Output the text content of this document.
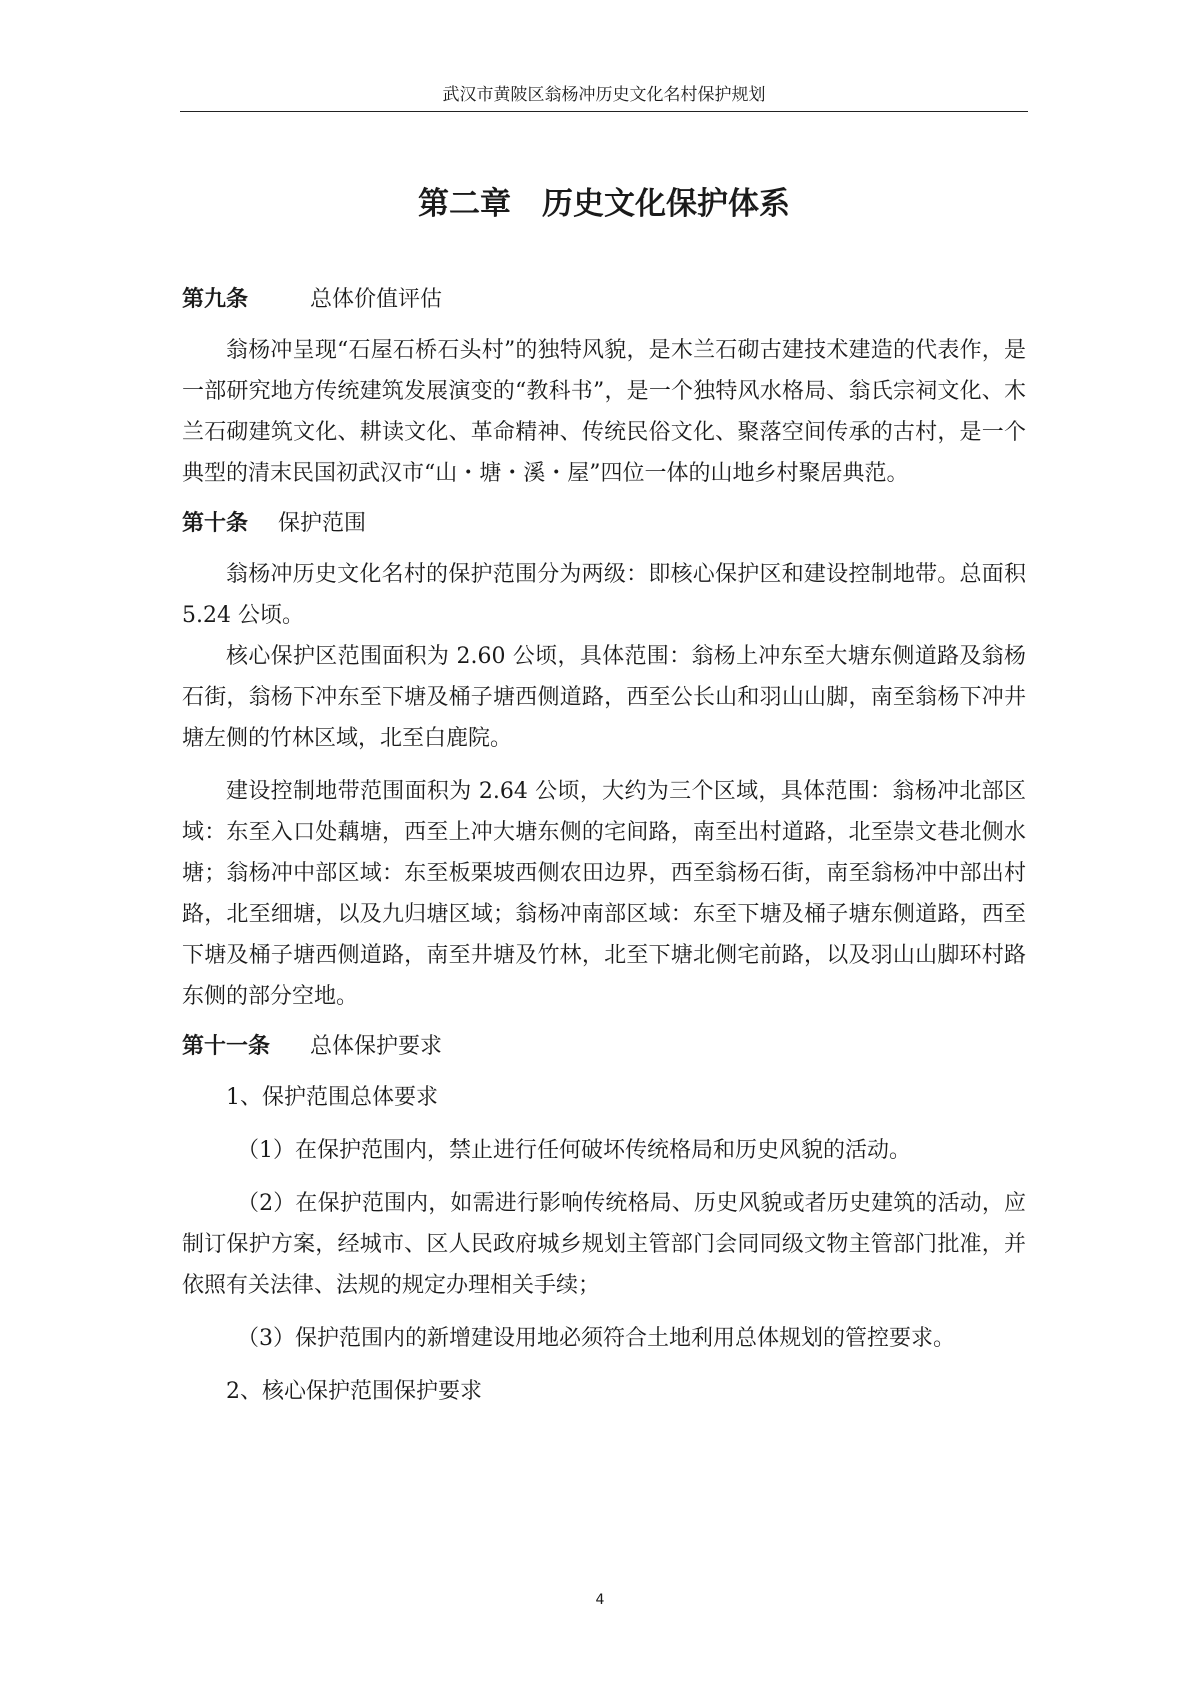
武汉市黄陂区翁杨冲历史文化名村保护规划
第二章　历史文化保护体系
第九条	总体价值评估

翁杨冲呈现“石屋石桥石头村”的独特风貌，是木兰石砌古建技术建造的代表作，是一部研究地方传统建筑发展演变的“教科书”，是一个独特风水格局、翁氏宗祠文化、木兰石砌建筑文化、耕读文化、革命精神、传统民俗文化、聚落空间传承的古村，是一个典型的清末民国初武汉市“山・塘・溪・屋”四位一体的山地乡村聚居典范。

第十条 保护范围

翁杨冲历史文化名村的保护范围分为两级：即核心保护区和建设控制地带。总面积 5.24 公顷。

核心保护区范围面积为 2.60 公顷，具体范围：翁杨上冲东至大塘东侧道路及翁杨石街，翁杨下冲东至下塘及桶子塘西侧道路，西至公长山和羽山山脚，南至翁杨下冲井塘左侧的竹林区域，北至白鹿院。

建设控制地带范围面积为 2.64 公顷，大约为三个区域，具体范围：翁杨冲北部区域：东至入口处藕塘，西至上冲大塘东侧的宅间路，南至出村道路，北至崇文巷北侧水塘；翁杨冲中部区域：东至板栗坡西侧农田边界，西至翁杨石街，南至翁杨冲中部出村路，北至细塘，以及九归塘区域；翁杨冲南部区域：东至下塘及桶子塘东侧道路，西至下塘及桶子塘西侧道路，南至井塘及竹林，北至下塘北侧宅前路，以及羽山山脚环村路东侧的部分空地。

第十一条 总体保护要求

1、保护范围总体要求

（1）在保护范围内，禁止进行任何破坏传统格局和历史风貌的活动。

（2）在保护范围内，如需进行影响传统格局、历史风貌或者历史建筑的活动，应制订保护方案，经城市、区人民政府城乡规划主管部门会同同级文物主管部门批准，并依照有关法律、法规的规定办理相关手续；

（3）保护范围内的新增建设用地必须符合土地利用总体规划的管控要求。

2、核心保护范围保护要求

4
